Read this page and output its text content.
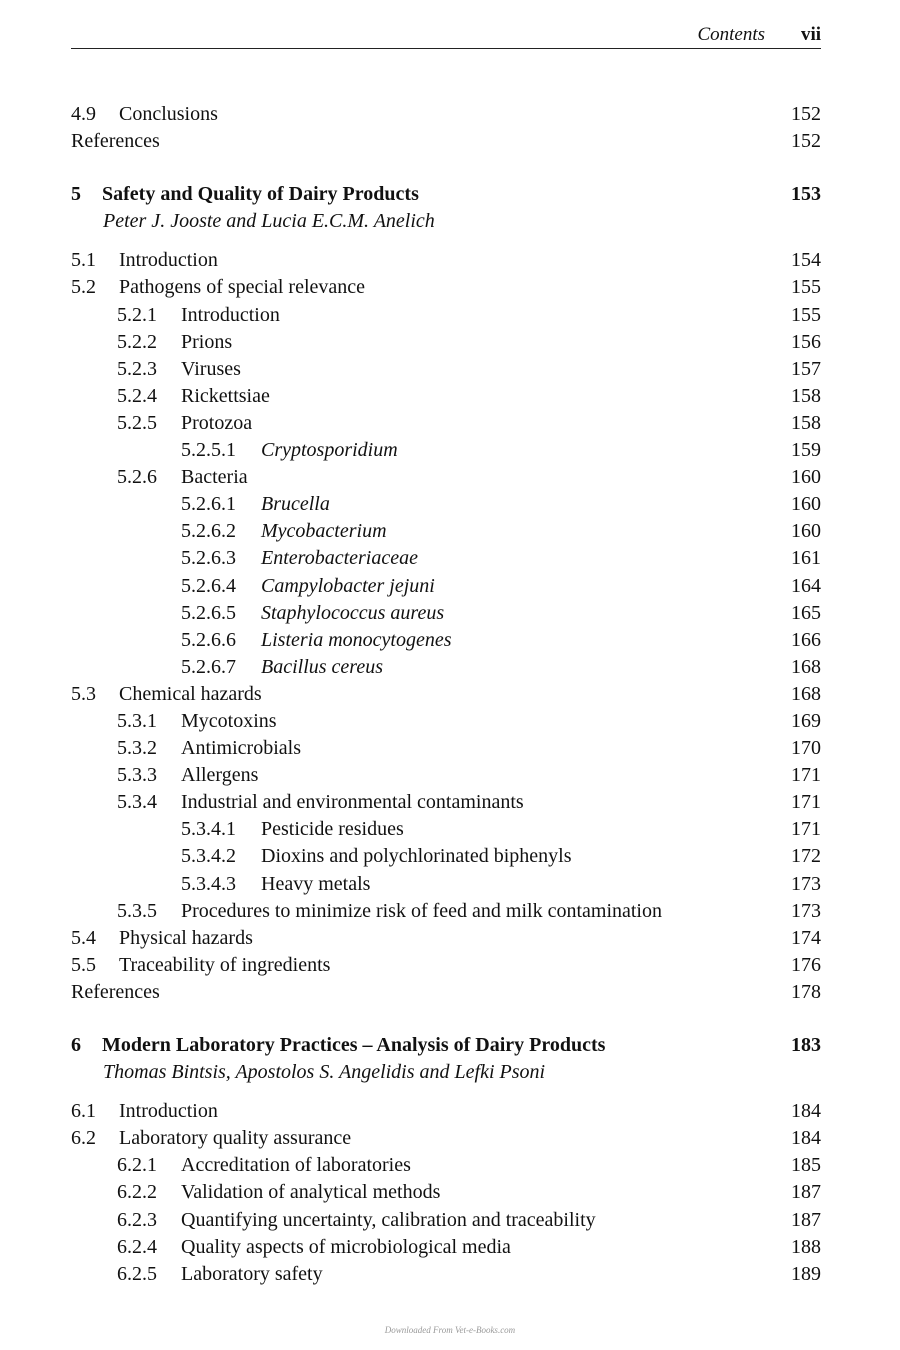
Contents vii
4.9 Conclusions	152
References	152
5 Safety and Quality of Dairy Products	153
Peter J. Jooste and Lucia E.C.M. Anelich
5.1 Introduction	154
5.2 Pathogens of special relevance	155
5.2.1 Introduction	155
5.2.2 Prions	156
5.2.3 Viruses	157
5.2.4 Rickettsiae	158
5.2.5 Protozoa	158
5.2.5.1 Cryptosporidium	159
5.2.6 Bacteria	160
5.2.6.1 Brucella	160
5.2.6.2 Mycobacterium	160
5.2.6.3 Enterobacteriaceae	161
5.2.6.4 Campylobacter jejuni	164
5.2.6.5 Staphylococcus aureus	165
5.2.6.6 Listeria monocytogenes	166
5.2.6.7 Bacillus cereus	168
5.3 Chemical hazards	168
5.3.1 Mycotoxins	169
5.3.2 Antimicrobials	170
5.3.3 Allergens	171
5.3.4 Industrial and environmental contaminants	171
5.3.4.1 Pesticide residues	171
5.3.4.2 Dioxins and polychlorinated biphenyls	172
5.3.4.3 Heavy metals	173
5.3.5 Procedures to minimize risk of feed and milk contamination	173
5.4 Physical hazards	174
5.5 Traceability of ingredients	176
References	178
6 Modern Laboratory Practices – Analysis of Dairy Products	183
Thomas Bintsis, Apostolos S. Angelidis and Lefki Psoni
6.1 Introduction	184
6.2 Laboratory quality assurance	184
6.2.1 Accreditation of laboratories	185
6.2.2 Validation of analytical methods	187
6.2.3 Quantifying uncertainty, calibration and traceability	187
6.2.4 Quality aspects of microbiological media	188
6.2.5 Laboratory safety	189
Downloaded From Vet-e-Books.com
